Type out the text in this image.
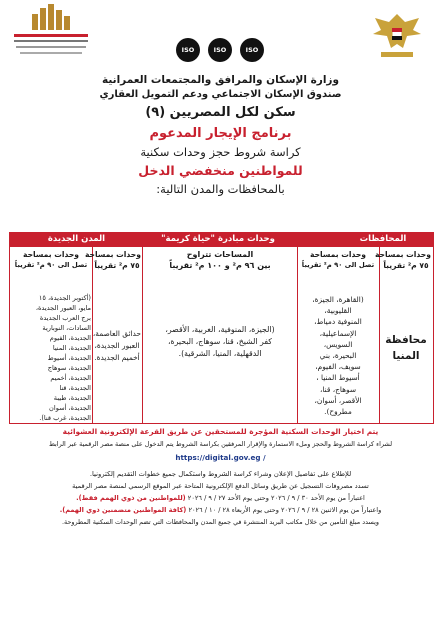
ISO	ISO	ISO
وزارة الإسكان والمرافق والمجتمعات العمرانية
صندوق الإسكان الاجتماعي ودعم التمويل العقاري
سكن لكل المصريين (٩)
برنامج الإيجار المدعوم
كراسة شروط حجز وحدات سكنية
للمواطنين منخفضي الدخل
بالمحافظات والمدن التالية:
المحافظات
وحدات مبادرة "حياة كريمة"
المدن الجديدة
وحدات بمساحة
٧٥ م² تقريباً
وحدات بمساحة
تصل الى ٩٠ م² تقريباً
المساحات تتراوح
بين ٩٦ م² و ١٠٠ م² تقريباً
وحدات بمساحة
٧٥ م² تقريباً
وحدات بمساحة
تصل الى ٩٠ م² تقريباً
محافظة
المنيا
(القاهرة، الجيزة،
القليوبية،
المنوفية دمياط،
الإسماعيلية،
السويس،
البحيرة، بني
سويف، الفيوم،
أسيوط المنيا ،
سوهاج، قنا،
الأقصر، أسوان،
مطروح).
(الجيزة، المنوفية، الغربية، الأقصر،
كفر الشيخ، قنا، سوهاج، البحيرة،
الدقهلية، المنيا، الشرقية).
حدائق العاصمة،
العبور الجديدة،
أخميم الجديدة.
(أكتوبر الجديدة، ١٥
مايو، العبور الجديدة،
برج العرب الجديدة
السادات، النوبارية
الجديدة، الفيوم
الجديدة، المنيا
الجديدة، أسيوط
الجديدة، سوهاج
الجديدة، أخميم
الجديدة، قنا
الجديدة، طيبة
الجديدة، أسوان
الجديدة، غرب قنا).
يتم اختيار الوحدات السكنية المؤجرة للمستحقين عن طريق القرعة الإلكترونية العشوائية
لشراء كراسة الشروط والحجز وملء الاستمارة والإقرار المرفقين بكراسة الشروط يتم الدخول على منصة مصر الرقمية عبر الرابط
https://digital.gov.eg /
للإطلاع على تفاصيل الإعلان وشراء كراسة الشروط واستكمال جميع خطوات التقديم إلكترونيا.
تسدد مصروفات التسجيل عن طريق وسائل الدفع الإلكترونية المتاحة عبر الموقع الرسمي لمنصة مصر الرقمية
اعتباراً من يوم الأحد ٣٠ / ٩ / ٢٠٢٦ وحتى يوم الأحد ٢٧ / ٩ / ٢٠٢٦ (للمواطنين من ذوي الهمم فقط).
واعتباراً من يوم الاثنين ٢٨ / ٩ / ٢٠٢٦ وحتى يوم الأربعاء ٢٨ / ١٠ / ٢٠٢٦ (كافة المواطنين متضمنين ذوي الهمم).
ويسدد مبلغ التأمين من خلال مكاتب البريد المنتشرة في جميع المدن والمحافظات التي تضم الوحدات السكنية المطروحة.
